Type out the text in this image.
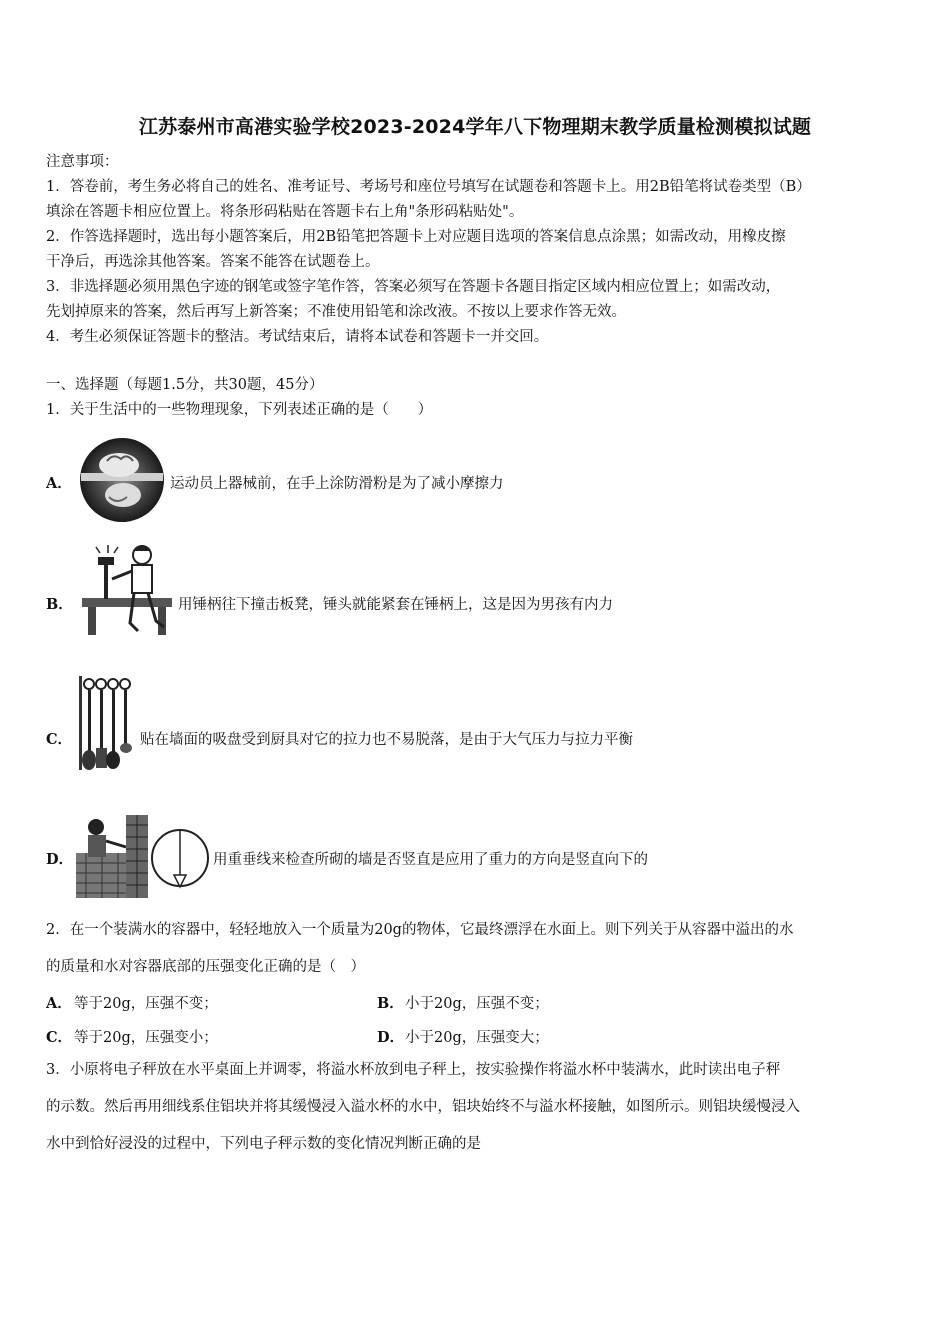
江苏泰州市高港实验学校2023-2024学年八下物理期末教学质量检测模拟试题
注意事项：
1．答卷前，考生务必将自己的姓名、准考证号、考场号和座位号填写在试题卷和答题卡上。用2B铅笔将试卷类型（B）
填涂在答题卡相应位置上。将条形码粘贴在答题卡右上角"条形码粘贴处"。
2．作答选择题时，选出每小题答案后，用2B铅笔把答题卡上对应题目选项的答案信息点涂黑；如需改动，用橡皮擦
干净后，再选涂其他答案。答案不能答在试题卷上。
3．非选择题必须用黑色字迹的钢笔或签字笔作答，答案必须写在答题卡各题目指定区域内相应位置上；如需改动，
先划掉原来的答案，然后再写上新答案；不准使用铅笔和涂改液。不按以上要求作答无效。
4．考生必须保证答题卡的整洁。考试结束后，请将本试卷和答题卡一并交回。
一、选择题（每题1.5分，共30题，45分）
1．关于生活中的一些物理现象，下列表述正确的是（　　）
A．	运动员上器械前，在手上涂防滑粉是为了减小摩擦力
B．	用锤柄往下撞击板凳，锤头就能紧套在锤柄上，这是因为男孩有内力
C．	贴在墙面的吸盘受到厨具对它的拉力也不易脱落，是由于大气压力与拉力平衡
D．	用重垂线来检查所砌的墙是否竖直是应用了重力的方向是竖直向下的
2．在一个装满水的容器中，轻轻地放入一个质量为20g的物体，它最终漂浮在水面上。则下列关于从容器中溢出的水
的质量和水对容器底部的压强变化正确的是（　）
A． 等于20g，压强不变；	B． 小于20g，压强不变；
C． 等于20g，压强变小；	D． 小于20g，压强变大；
3．小原将电子秤放在水平桌面上并调零，将溢水杯放到电子秤上，按实验操作将溢水杯中装满水，此时读出电子秤
的示数。然后再用细线系住铝块并将其缓慢浸入溢水杯的水中，铝块始终不与溢水杯接触，如图所示。则铝块缓慢浸入
水中到恰好浸没的过程中，下列电子秤示数的变化情况判断正确的是
